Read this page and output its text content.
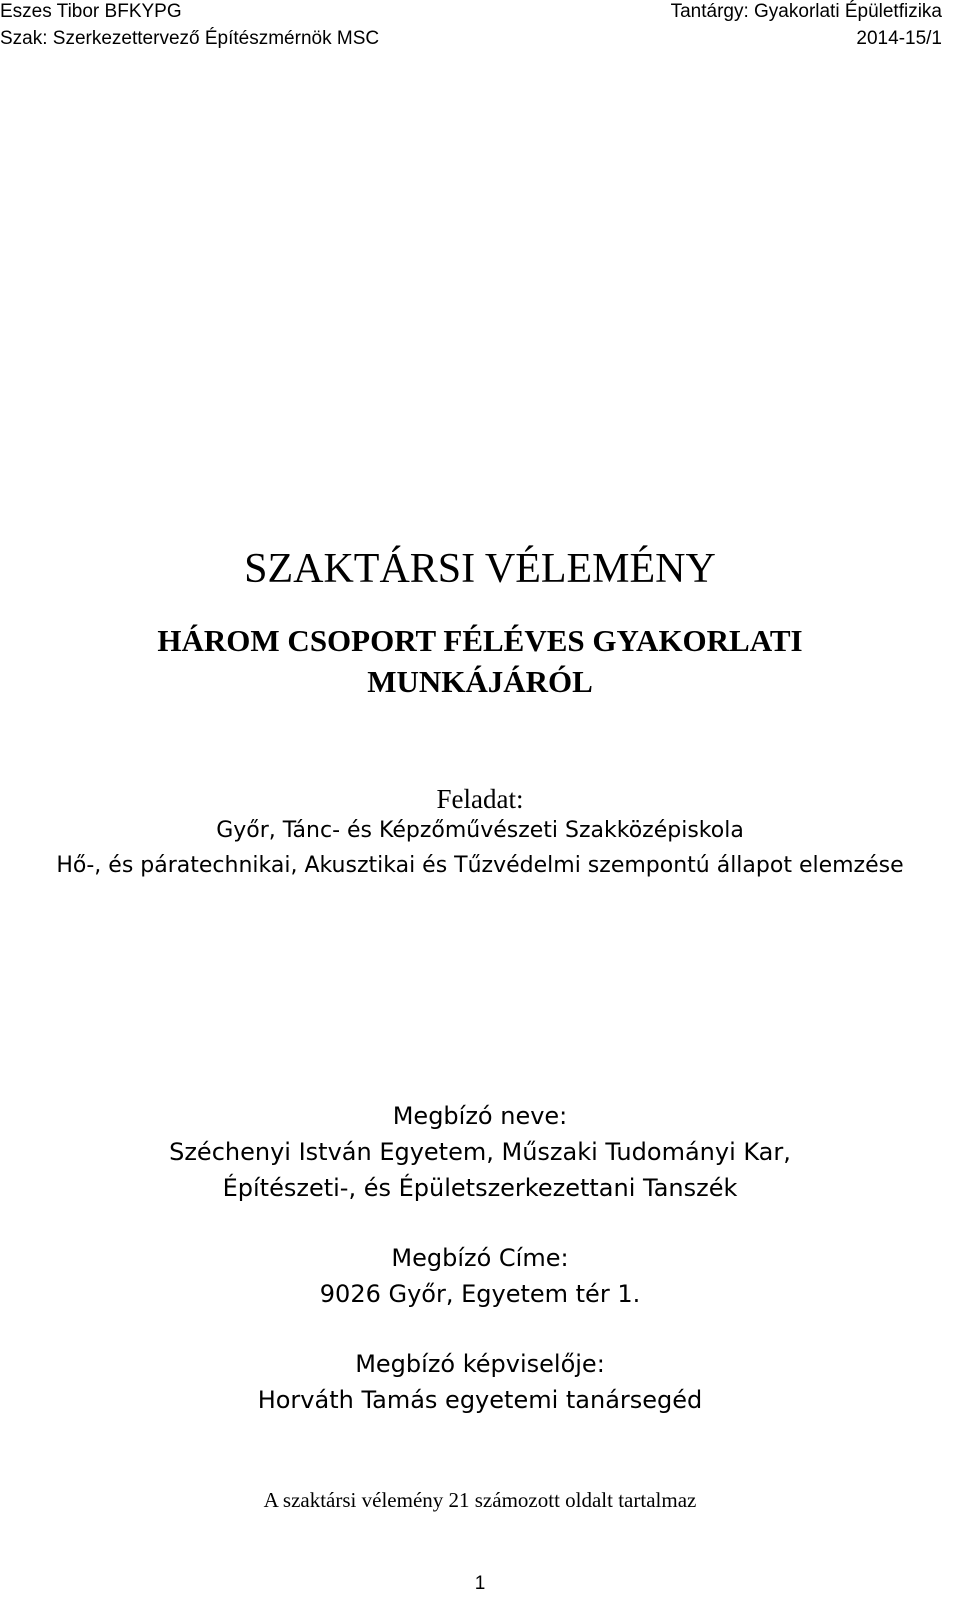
Eszes Tibor BFKYPG	Tantárgy: Gyakorlati Épületfizika
Szak: Szerkezettervező Építészmérnök MSC	2014-15/1
SZAKTÁRSI VÉLEMÉNY
HÁROM CSOPORT FÉLÉVES GYAKORLATI
MUNKÁJÁRÓL
Feladat:
Győr, Tánc- és Képzőművészeti Szakközépiskola
Hő-, és páratechnikai, Akusztikai és Tűzvédelmi szempontú állapot elemzése
Megbízó neve:
Széchenyi István Egyetem, Műszaki Tudományi Kar,
Építészeti-, és Épületszerkezettani Tanszék
Megbízó Címe:
9026 Győr, Egyetem tér 1.
Megbízó képviselője:
Horváth Tamás egyetemi tanársegéd
A szaktársi vélemény 21 számozott oldalt tartalmaz
1
